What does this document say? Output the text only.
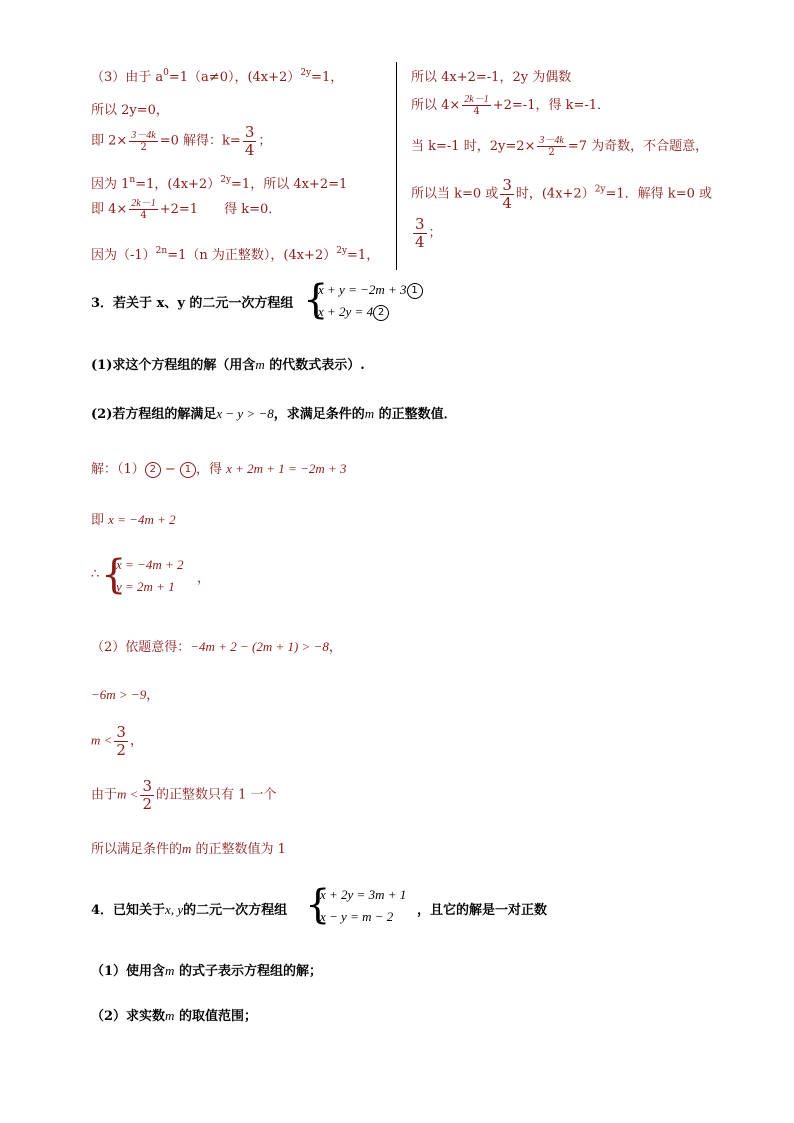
（3）由于 $a^0=1(a\ne 0)$，(4x+2）$^{2y}$=1，
所以 2y=0，
即 $2\times \frac{3-4k}{2} =0$ 解得：$k= \frac{3}{4}$ ；
因为 $1^n=1$，(4x+2）$^{2y}$=1，所以 4x+2=1
即 $4\times \frac{2k-1}{4} +2=1$　　得 k=0．
因为$(-1)^{2n}=1(n$ 为正整数），(4x+2）$^{2y}$=1，
所以 4x+2=-1，2y 为偶数
所以 $4\times \frac{2k-1}{4} +2=-1$，得 k=-1．
当 k=-1 时，$2y=2\times \frac{3-4k}{2} =7$ 为奇数，不合题意，
所以当 k=0 或 $\frac{3}{4}$ 时，(4x+2）$^{2y}$=1．解得 k=0 或
$\frac{3}{4}$ ；
3．若关于 x、y 的二元一次方程组 {
x + y = −2m + 3 1
x + 2y = 4 2
(1)求这个方程组的解（用含m 的代数式表示）.
(2)若方程组的解满足x − y > −8，求满足条件的m 的正整数值．
解：（1） 2 − 1 ，得 x + 2m + 1 = −2m + 3
即 x = −4m + 2
∴ {
x = −4m + 2
y = 2m + 1
，
（2）依题意得：−4m + 2 − (2m + 1) > −8，
−6m > −9，
$m < \frac{3}{2}$ ，
由于$m < \frac{3}{2}$ 的正整数只有 1 一个
所以满足条件的m 的正整数值为 1
4．已知关于x, y的二元一次方程组 {
x + 2y = 3m + 1
x − y = m − 2	，且它的解是一对正数
（1）使用含m 的式子表示方程组的解；
（2）求实数m 的取值范围；
